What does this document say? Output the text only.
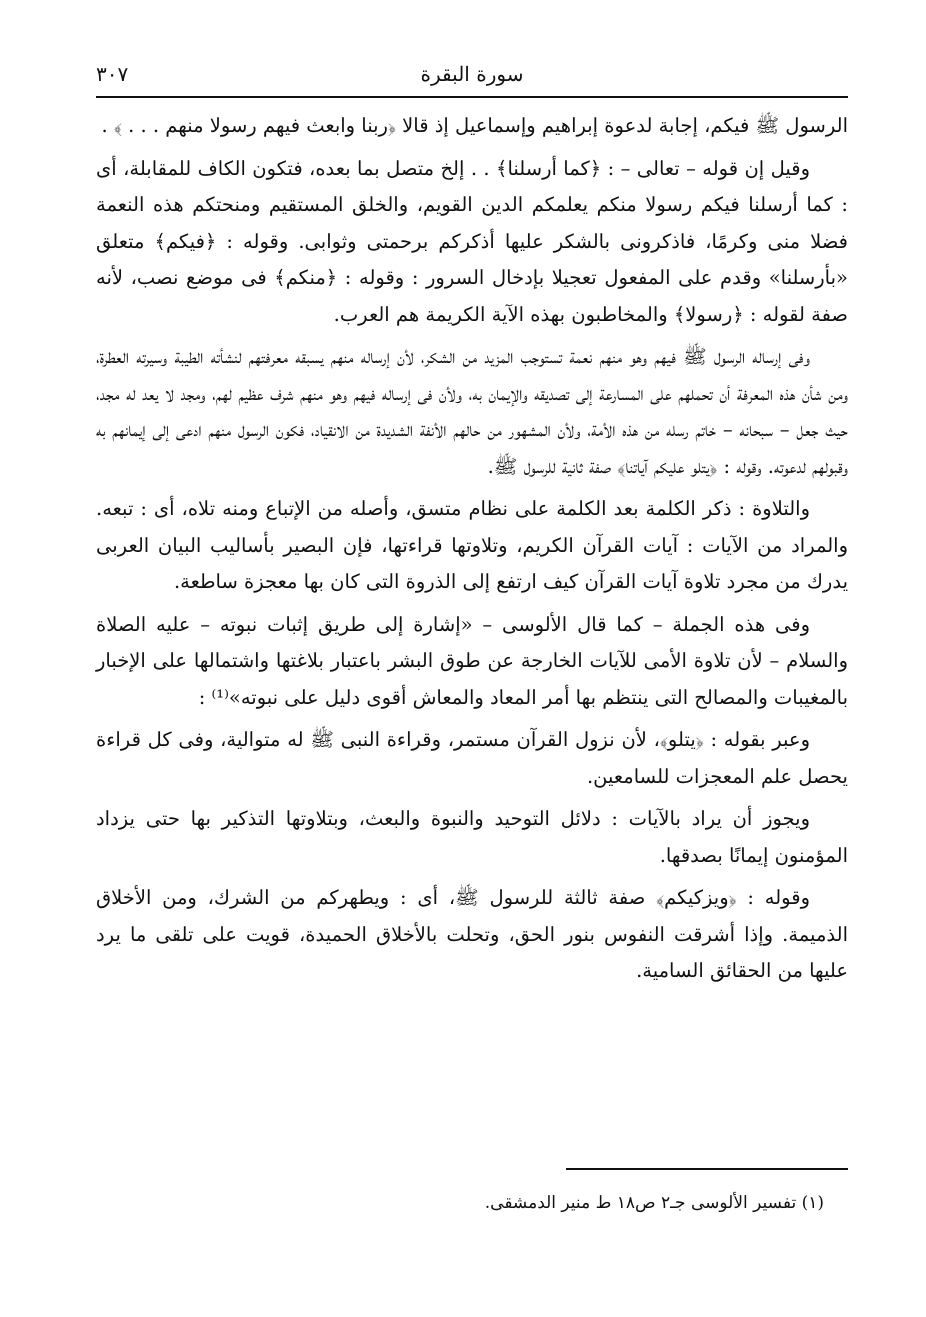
٣٠٧	سورة البقرة

الرسول ﷺ فيكم، إجابة لدعوة إبراهيم وإسماعيل إذ قالا ﴿ربنا وابعث فيهم رسولا منهم . . . ﴾ .

وقيل إن قوله – تعالى – : ﴿كما أرسلنا﴾ . . إلخ متصل بما بعده، فتكون الكاف للمقابلة، أى : كما أرسلنا فيكم رسولا منكم يعلمكم الدين القويم، والخلق المستقيم ومنحتكم هذه النعمة فضلا منى وكرمًا، فاذكرونى بالشكر عليها أذكركم برحمتى وثوابى. وقوله : ﴿فيكم﴾ متعلق «بأرسلنا» وقدم على المفعول تعجيلا بإدخال السرور : وقوله : ﴿منكم﴾ فى موضع نصب، لأنه صفة لقوله : ﴿رسولا﴾ والمخاطبون بهذه الآية الكريمة هم العرب.

وفى إرساله الرسول ﷺ فيهم وهو منهم نعمة تستوجب المزيد من الشكر، لأن إرساله منهم يسبقه معرفتهم لنشأته الطيبة وسيرته العطرة، ومن شأن هذه المعرفة أن تحملهم على المسارعة إلى تصديقه والإيمان به، ولأن فى إرساله فيهم وهو منهم شرف عظيم لهم، ومجد لا يعد له مجد، حيث جعل – سبحانه – خاتم رسله من هذه الأمة، ولأن المشهور من حالهم الأنفة الشديدة من الانقياد، فكون الرسول منهم ادعى إلى إيمانهم به وقبولهم لدعوته. وقوله : ﴿يتلو عليكم آياتنا﴾ صفة ثانية للرسول ﷺ.

والتلاوة : ذكر الكلمة بعد الكلمة على نظام متسق، وأصله من الإتباع ومنه تلاه، أى : تبعه. والمراد من الآيات : آيات القرآن الكريم، وتلاوتها قراءتها، فإن البصير بأساليب البيان العربى يدرك من مجرد تلاوة آيات القرآن كيف ارتفع إلى الذروة التى كان بها معجزة ساطعة.

وفى هذه الجملة – كما قال الألوسى – «إشارة إلى طريق إثبات نبوته – عليه الصلاة والسلام – لأن تلاوة الأمى للآيات الخارجة عن طوق البشر باعتبار بلاغتها واشتمالها على الإخبار بالمغيبات والمصالح التى ينتظم بها أمر المعاد والمعاش أقوى دليل على نبوته»⁽¹⁾ :

وعبر بقوله : ﴿يتلو﴾، لأن نزول القرآن مستمر، وقراءة النبى ﷺ له متوالية، وفى كل قراءة يحصل علم المعجزات للسامعين.

ويجوز أن يراد بالآيات : دلائل التوحيد والنبوة والبعث، وبتلاوتها التذكير بها حتى يزداد المؤمنون إيمانًا بصدقها.

وقوله : ﴿ويزكيكم﴾ صفة ثالثة للرسول ﷺ، أى : ويطهركم من الشرك، ومن الأخلاق الذميمة. وإذا أشرقت النفوس بنور الحق، وتحلت بالأخلاق الحميدة، قويت على تلقى ما يرد عليها من الحقائق السامية.

(١) تفسير الألوسى جـ٢ ص١٨ ط منير الدمشقى.
